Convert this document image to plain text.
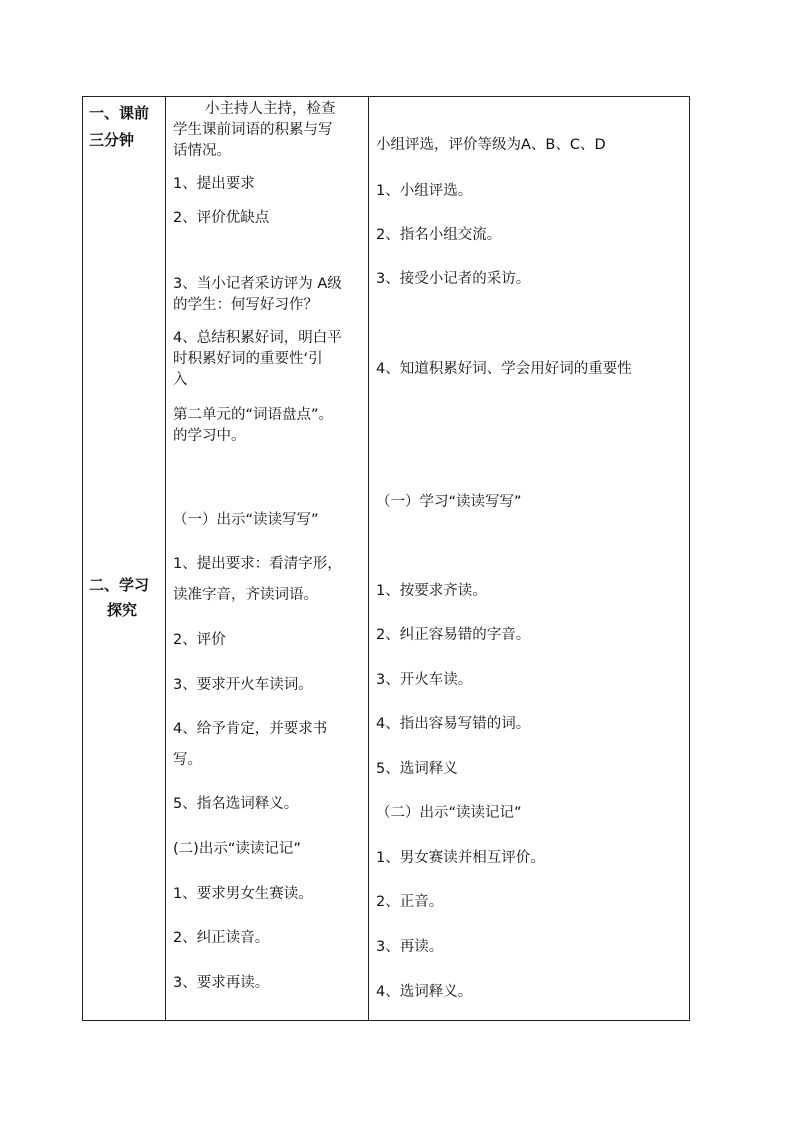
一、课前
三分钟
二、学习
探究
小主持人主持，检查
学生课前词语的积累与写
话情况。
1、提出要求
2、评价优缺点
3、当小记者采访评为 A级
的学生：何写好习作？
4、总结积累好词，明白平
时积累好词的重要性‘引
入
第二单元的“词语盘点”。
的学习中。
（一）出示“读读写写”
1、提出要求：看清字形，
读准字音，齐读词语。
2、评价
3、要求开火车读词。
4、给予肯定，并要求书
写。
5、指名选词释义。
(二)出示“读读记记”
1、要求男女生赛读。
2、纠正读音。
3、要求再读。
小组评选，评价等级为A、B、C、D
1、小组评选。
2、指名小组交流。
3、接受小记者的采访。
4、知道积累好词、学会用好词的重要性
（一）学习“读读写写”
1、按要求齐读。
2、纠正容易错的字音。
3、开火车读。
4、指出容易写错的词。
5、选词释义
（二）出示“读读记记”
1、男女赛读并相互评价。
2、正音。
3、再读。
4、选词释义。
